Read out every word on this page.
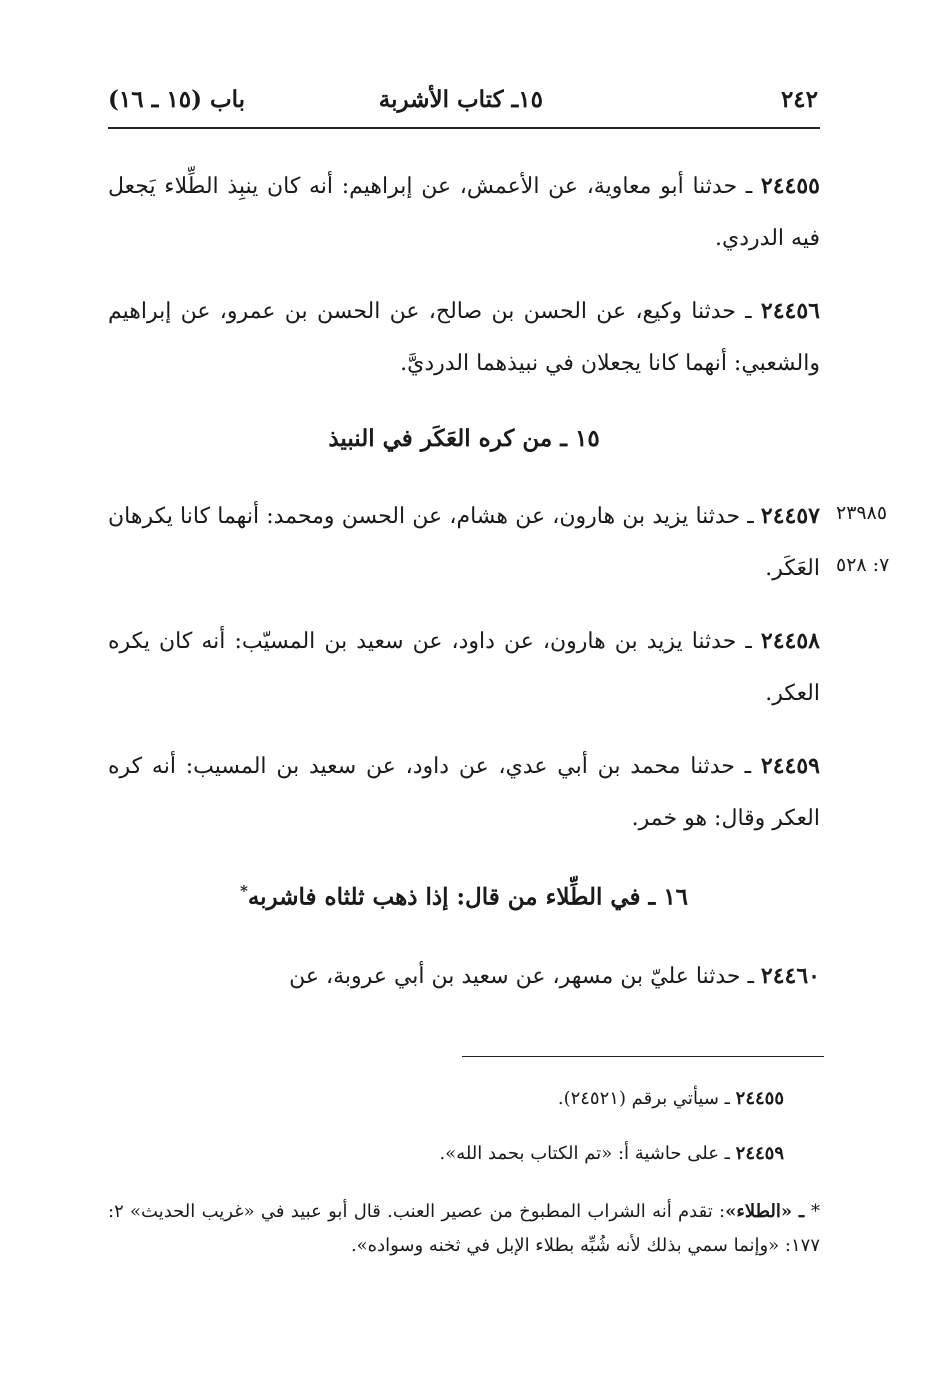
٢٤٢
١٥ـ كتاب الأشربة
باب (١٥ ـ ١٦)
٢٤٤٥٥ ـ حدثنا أبو معاوية، عن الأعمش، عن إبراهيم: أنه كان ينبِذ الطِّلاء يَجعل فيه الدردي.
٢٤٤٥٦ ـ حدثنا وكيع، عن الحسن بن صالح، عن الحسن بن عمرو، عن إبراهيم والشعبي: أنهما كانا يجعلان في نبيذهما الدرديَّ.
١٥ ـ من كره العَكَر في النبيذ
٢٣٩٨٥
٧: ٥٢٨
٢٤٤٥٧ ـ حدثنا يزيد بن هارون، عن هشام، عن الحسن ومحمد: أنهما كانا يكرهان العَكَر.
٢٤٤٥٨ ـ حدثنا يزيد بن هارون، عن داود، عن سعيد بن المسيّب: أنه كان يكره العكر.
٢٤٤٥٩ ـ حدثنا محمد بن أبي عدي، عن داود، عن سعيد بن المسيب: أنه كره العكر وقال: هو خمر.
١٦ ـ في الطِّلاء من قال: إذا ذهب ثلثاه فاشربه*
٢٤٤٦٠ ـ حدثنا عليّ بن مسهر، عن سعيد بن أبي عروبة، عن
٢٤٤٥٥ ـ سيأتي برقم (٢٤٥٢١).
٢٤٤٥٩ ـ على حاشية أ: «تم الكتاب بحمد الله».
* ـ «الطلاء»: تقدم أنه الشراب المطبوخ من عصير العنب. قال أبو عبيد في «غريب الحديث» ٢: ١٧٧: «وإنما سمي بذلك لأنه شُبِّه بطلاء الإبل في ثخنه وسواده».
